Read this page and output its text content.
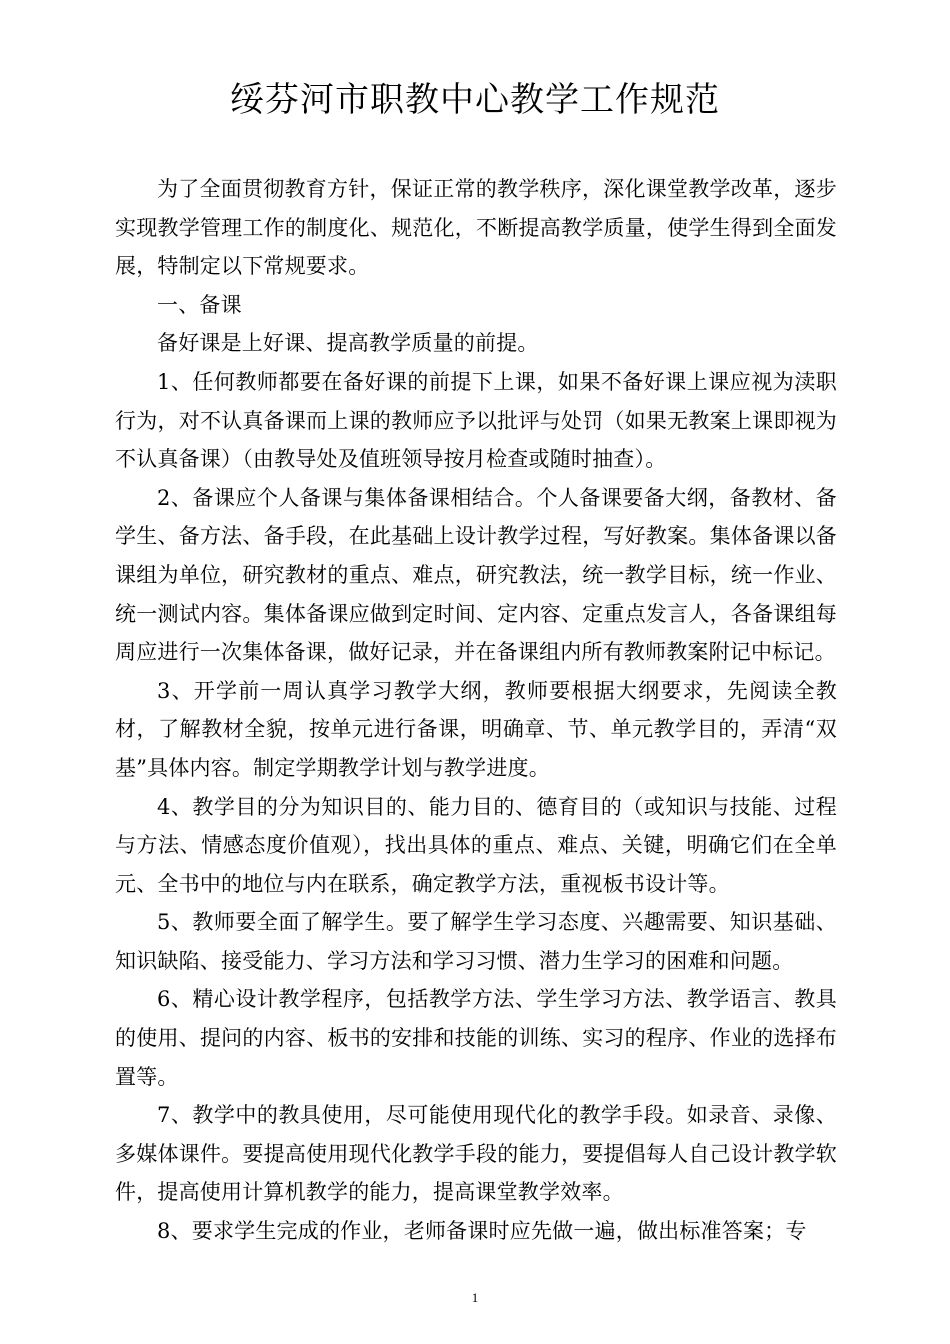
绥芬河市职教中心教学工作规范

为了全面贯彻教育方针，保证正常的教学秩序，深化课堂教学改革，逐步实现教学管理工作的制度化、规范化，不断提高教学质量，使学生得到全面发展，特制定以下常规要求。

一、备课

备好课是上好课、提高教学质量的前提。

1、任何教师都要在备好课的前提下上课，如果不备好课上课应视为渎职行为，对不认真备课而上课的教师应予以批评与处罚（如果无教案上课即视为不认真备课）（由教导处及值班领导按月检查或随时抽查）。

2、备课应个人备课与集体备课相结合。个人备课要备大纲，备教材、备学生、备方法、备手段，在此基础上设计教学过程，写好教案。集体备课以备课组为单位，研究教材的重点、难点，研究教法，统一教学目标，统一作业、统一测试内容。集体备课应做到定时间、定内容、定重点发言人，各备课组每周应进行一次集体备课，做好记录，并在备课组内所有教师教案附记中标记。

3、开学前一周认真学习教学大纲，教师要根据大纲要求，先阅读全教材，了解教材全貌，按单元进行备课，明确章、节、单元教学目的，弄清“双基”具体内容。制定学期教学计划与教学进度。

4、教学目的分为知识目的、能力目的、德育目的（或知识与技能、过程与方法、情感态度价值观），找出具体的重点、难点、关键，明确它们在全单元、全书中的地位与内在联系，确定教学方法，重视板书设计等。

5、教师要全面了解学生。要了解学生学习态度、兴趣需要、知识基础、知识缺陷、接受能力、学习方法和学习习惯、潜力生学习的困难和问题。

6、精心设计教学程序，包括教学方法、学生学习方法、教学语言、教具的使用、提问的内容、板书的安排和技能的训练、实习的程序、作业的选择布置等。

7、教学中的教具使用，尽可能使用现代化的教学手段。如录音、录像、多媒体课件。要提高使用现代化教学手段的能力，要提倡每人自己设计教学软件，提高使用计算机教学的能力，提高课堂教学效率。

8、要求学生完成的作业，老师备课时应先做一遍，做出标准答案；专

1
